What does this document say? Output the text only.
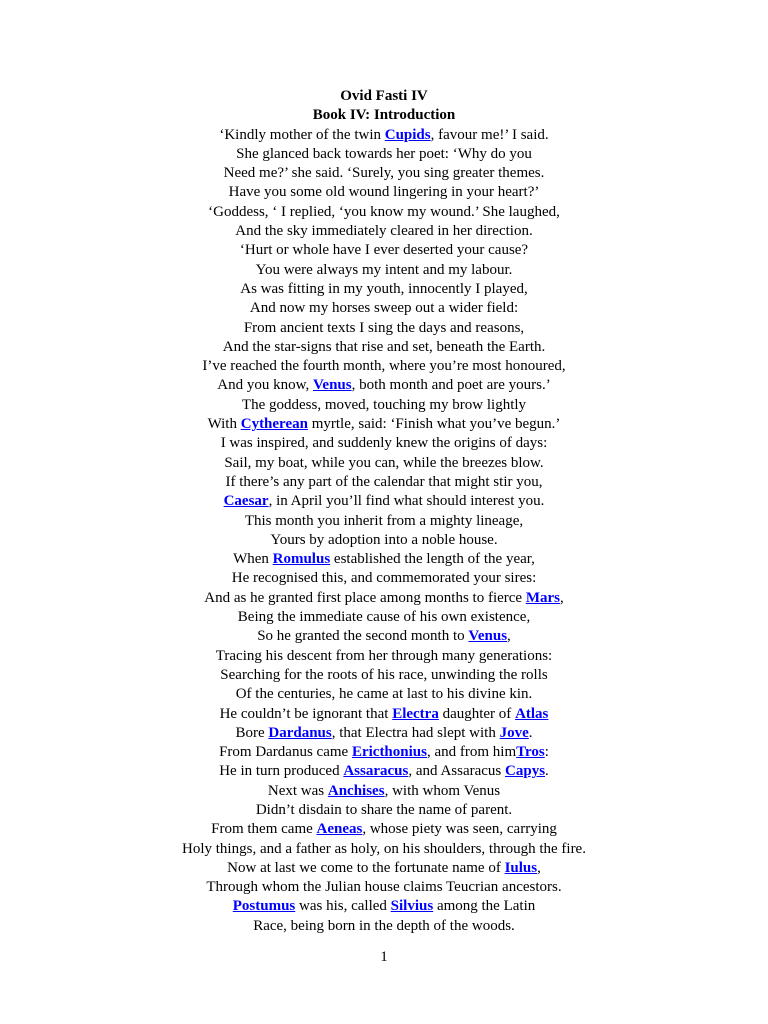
Ovid Fasti IV
Book IV: Introduction
‘Kindly mother of the twin Cupids, favour me!’ I said.
She glanced back towards her poet: ‘Why do you
Need me?’ she said. ‘Surely, you sing greater themes.
Have you some old wound lingering in your heart?’
‘Goddess, ‘ I replied, ‘you know my wound.’ She laughed,
And the sky immediately cleared in her direction.
‘Hurt or whole have I ever deserted your cause?
You were always my intent and my labour.
As was fitting in my youth, innocently I played,
And now my horses sweep out a wider field:
From ancient texts I sing the days and reasons,
And the star-signs that rise and set, beneath the Earth.
I’ve reached the fourth month, where you’re most honoured,
And you know, Venus, both month and poet are yours.’
The goddess, moved, touching my brow lightly
With Cytherean myrtle, said: ‘Finish what you’ve begun.’
I was inspired, and suddenly knew the origins of days:
Sail, my boat, while you can, while the breezes blow.
If there’s any part of the calendar that might stir you,
Caesar, in April you’ll find what should interest you.
This month you inherit from a mighty lineage,
Yours by adoption into a noble house.
When Romulus established the length of the year,
He recognised this, and commemorated your sires:
And as he granted first place among months to fierce Mars,
Being the immediate cause of his own existence,
So he granted the second month to Venus,
Tracing his descent from her through many generations:
Searching for the roots of his race, unwinding the rolls
Of the centuries, he came at last to his divine kin.
He couldn’t be ignorant that Electra daughter of Atlas
Bore Dardanus, that Electra had slept with Jove.
From Dardanus came Ericthonius, and from himTros:
He in turn produced Assaracus, and Assaracus Capys.
Next was Anchises, with whom Venus
Didn’t disdain to share the name of parent.
From them came Aeneas, whose piety was seen, carrying
Holy things, and a father as holy, on his shoulders, through the fire.
Now at last we come to the fortunate name of Iulus,
Through whom the Julian house claims Teucrian ancestors.
Postumus was his, called Silvius among the Latin
Race, being born in the depth of the woods.
1
